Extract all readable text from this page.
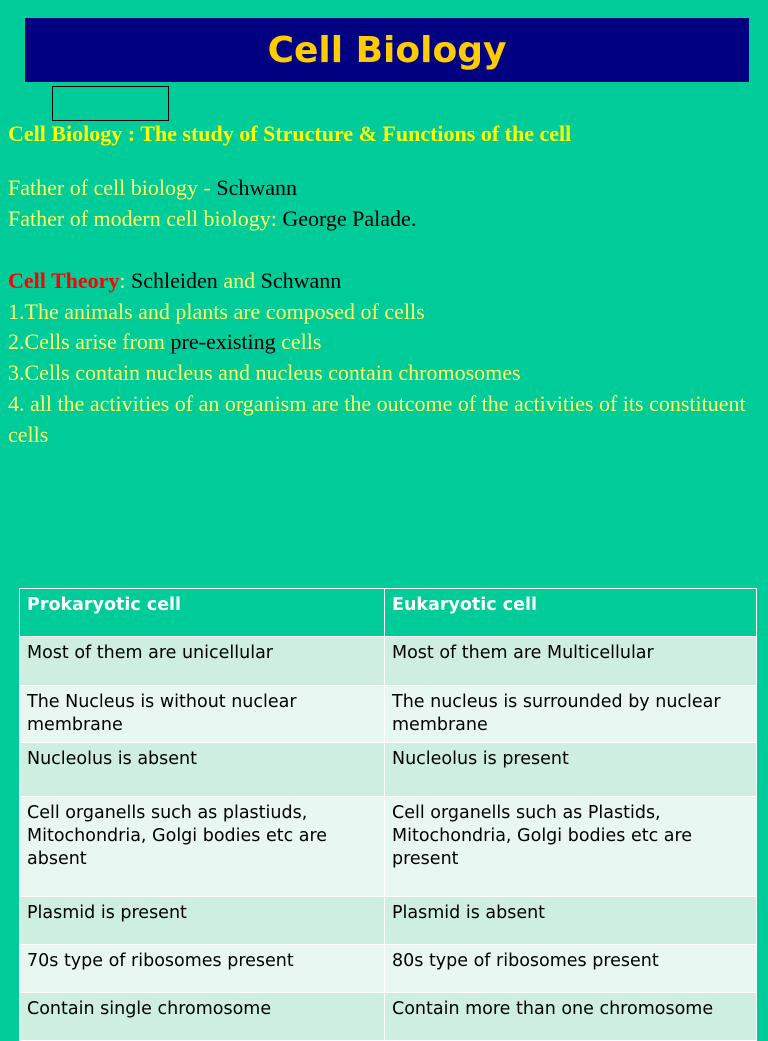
Cell Biology
Cell Biology : The study of Structure & Functions of the cell
Father of cell biology - Schwann
Father of modern cell biology: George Palade.
Cell Theory: Schleiden and Schwann
1.The animals and plants are composed of cells
2.Cells arise from pre-existing cells
3.Cells contain nucleus and nucleus contain chromosomes
4. all the activities of an organism are the outcome of the activities of its constituent cells
Prokaryotic cell	Eukaryotic cell
Most of them are unicellular	Most of them are Multicellular
The Nucleus is without nuclear membrane	The nucleus is surrounded by nuclear membrane
Nucleolus is absent	Nucleolus is present
Cell organells such as plastiuds, Mitochondria, Golgi bodies etc are absent	Cell organells such as Plastids, Mitochondria, Golgi bodies etc are present
Plasmid is present	Plasmid is absent
70s type of ribosomes present	80s type of ribosomes present
Contain single chromosome	Contain more than one chromosome
